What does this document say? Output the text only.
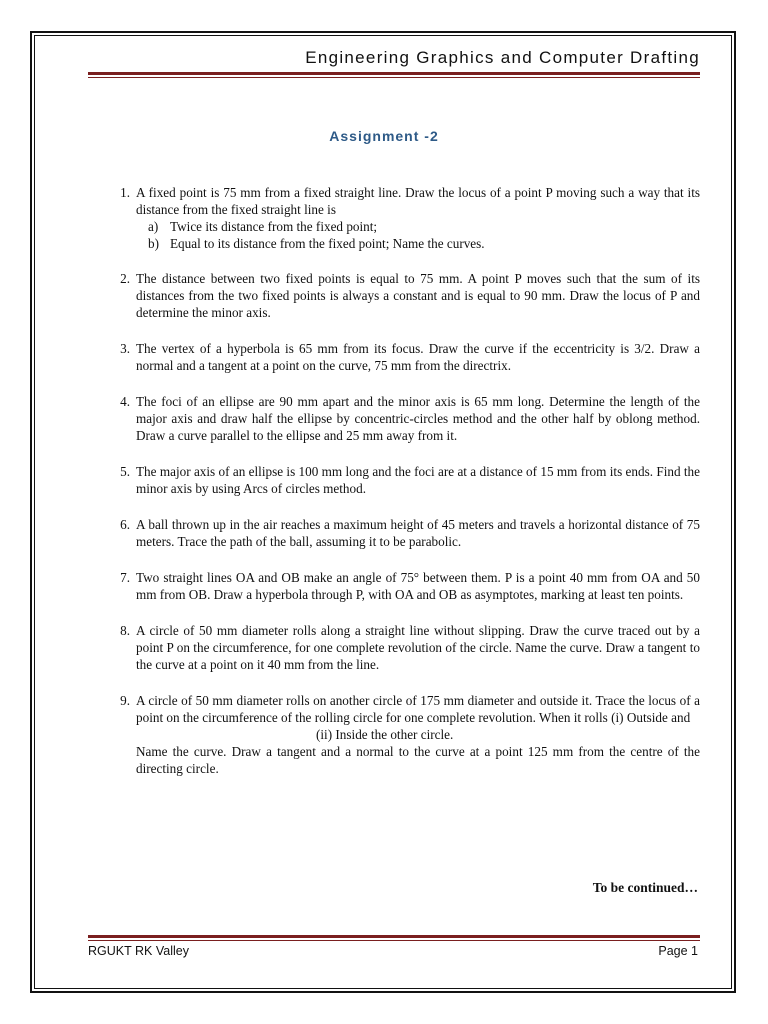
Engineering Graphics and Computer Drafting
Assignment -2
1. A fixed point is 75 mm from a fixed straight line. Draw the locus of a point P moving such a way that its distance from the fixed straight line is
a) Twice its distance from the fixed point;
b) Equal to its distance from the fixed point; Name the curves.
2. The distance between two fixed points is equal to 75 mm. A point P moves such that the sum of its distances from the two fixed points is always a constant and is equal to 90 mm. Draw the locus of P and determine the minor axis.
3. The vertex of a hyperbola is 65 mm from its focus. Draw the curve if the eccentricity is 3/2. Draw a normal and a tangent at a point on the curve, 75 mm from the directrix.
4. The foci of an ellipse are 90 mm apart and the minor axis is 65 mm long. Determine the length of the major axis and draw half the ellipse by concentric-circles method and the other half by oblong method. Draw a curve parallel to the ellipse and 25 mm away from it.
5. The major axis of an ellipse is 100 mm long and the foci are at a distance of 15 mm from its ends. Find the minor axis by using Arcs of circles method.
6. A ball thrown up in the air reaches a maximum height of 45 meters and travels a horizontal distance of 75 meters. Trace the path of the ball, assuming it to be parabolic.
7. Two straight lines OA and OB make an angle of 75° between them. P is a point 40 mm from OA and 50 mm from OB. Draw a hyperbola through P, with OA and OB as asymptotes, marking at least ten points.
8. A circle of 50 mm diameter rolls along a straight line without slipping. Draw the curve traced out by a point P on the circumference, for one complete revolution of the circle. Name the curve. Draw a tangent to the curve at a point on it 40 mm from the line.
9. A circle of 50 mm diameter rolls on another circle of 175 mm diameter and outside it. Trace the locus of a point on the circumference of the rolling circle for one complete revolution. When it rolls (i) Outside and
(ii) Inside the other circle.
Name the curve. Draw a tangent and a normal to the curve at a point 125 mm from the centre of the directing circle.
To be continued…
RGUKT RK Valley	Page 1
